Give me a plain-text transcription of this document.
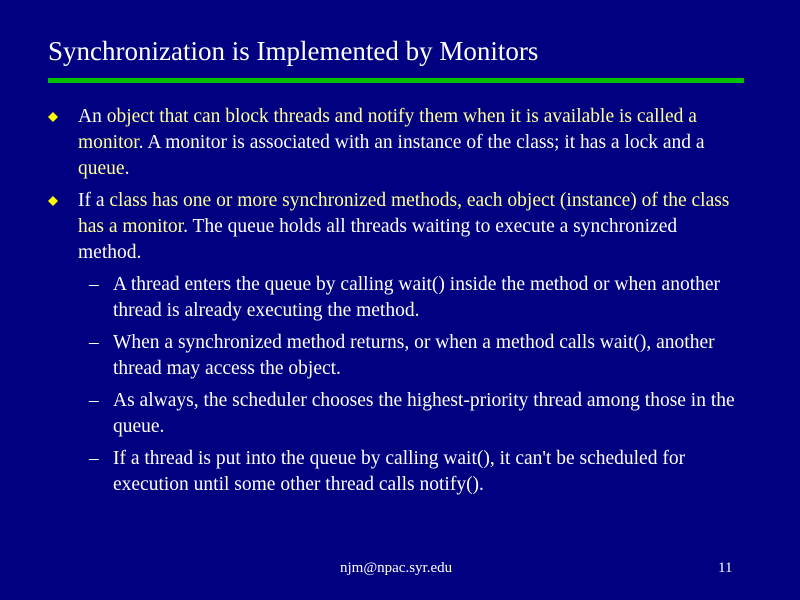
Synchronization is Implemented by Monitors
An object that can block threads and notify them when it is available is called a monitor. A monitor is associated with an instance of the class; it has a lock and a queue.
If a class has one or more synchronized methods, each object (instance) of the class has a monitor. The queue holds all threads waiting to execute a synchronized method.
– A thread enters the queue by calling wait() inside the method or when another thread is already executing the method.
– When a synchronized method returns, or when a method calls wait(), another thread may access the object.
– As always, the scheduler chooses the highest-priority thread among those in the queue.
– If a thread is put into the queue by calling wait(), it can't be scheduled for execution until some other thread calls notify().
njm@npac.syr.edu	11
